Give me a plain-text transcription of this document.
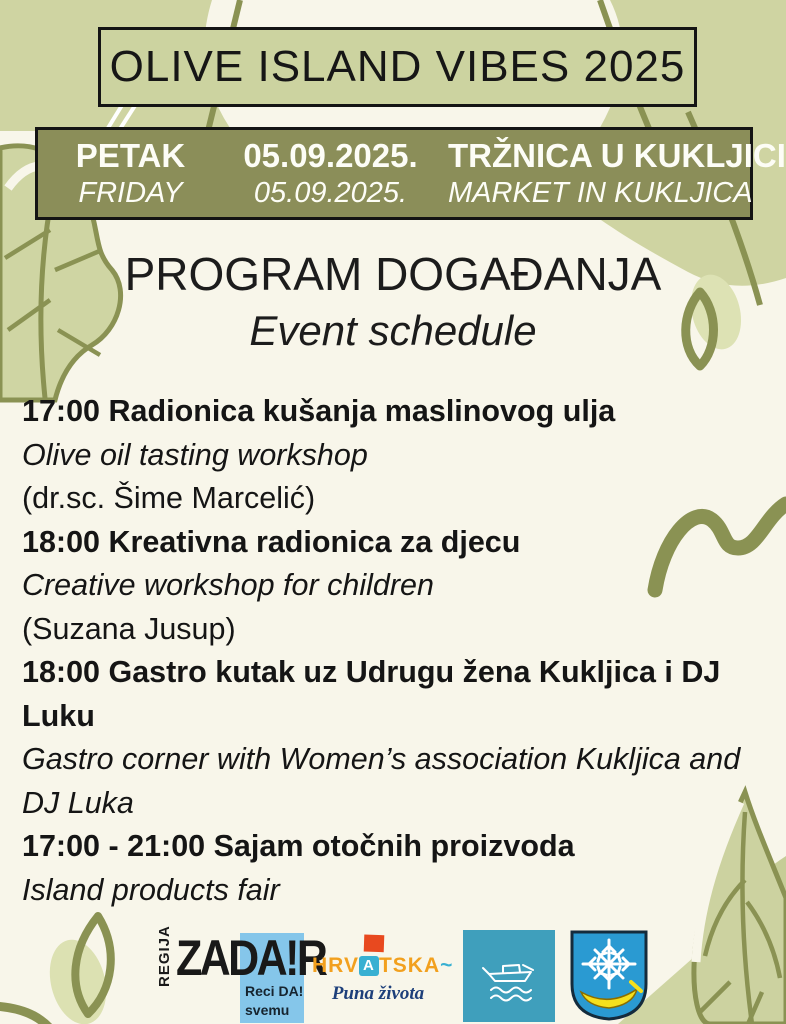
OLIVE ISLAND VIBES 2025
PETAK	05.09.2025. TRŽNICA U KUKLJICI
FRIDAY	05.09.2025.	MARKET IN KUKLJICA
PROGRAM DOGAĐANJA
Event schedule
17:00 Radionica kušanja maslinovog ulja
Olive oil tasting workshop
(dr.sc. Šime Marcelić)
18:00 Kreativna radionica za djecu
Creative workshop for children
(Suzana Jusup)
18:00 Gastro kutak uz Udrugu žena Kukljica i DJ Luku
Gastro corner with Women’s association Kukljica and DJ Luka
17:00 - 21:00 Sajam otočnih proizvoda
Island products fair
REGIJA ZADA!R
Reci DA!
svemu
HRV A TSKA~
Puna života
